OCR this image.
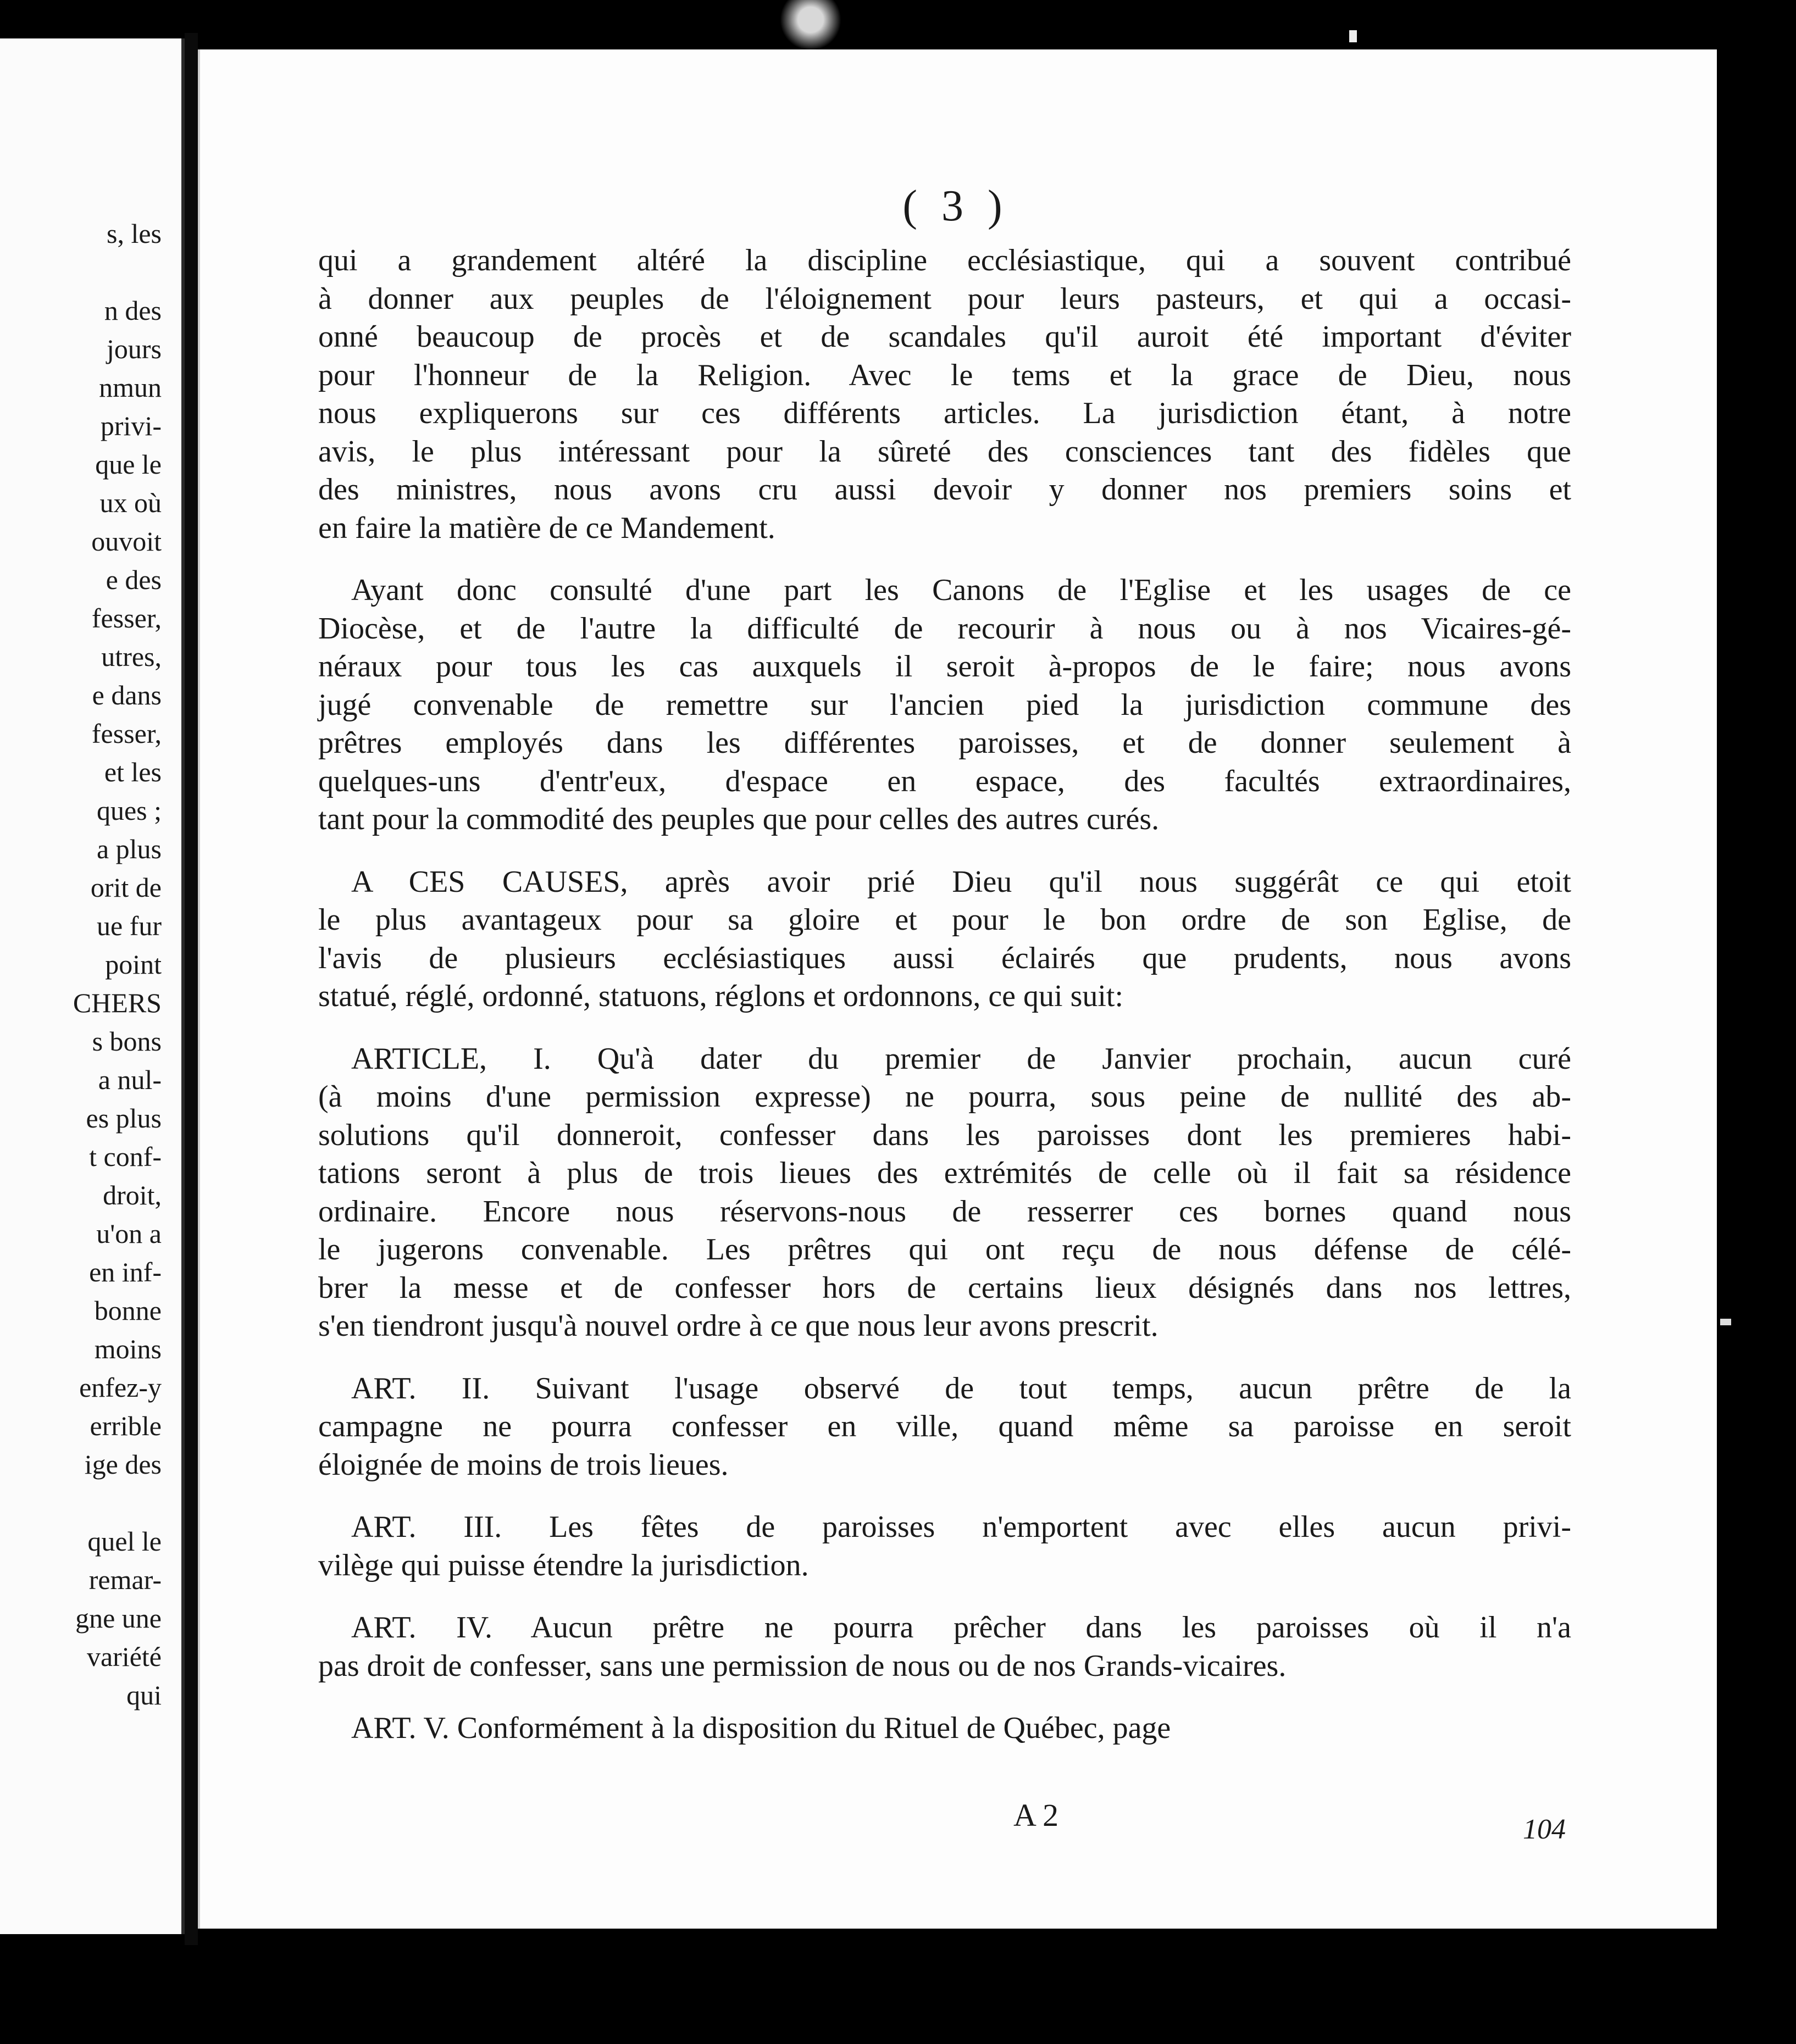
s, les
n des
jours
nmun
privi-
que le
ux où
ouvoit
e des
fesser,
utres,
e dans
fesser,
et les
ques ;
a plus
orit de
ue fur
point
CHERS
s bons
a nul-
es plus
t conf-
droit,
u'on a
en inf-
bonne
moins
enfez-y
errible
ige des
quel le
remar-
gne une
variété
qui
( 3 )
qui a grandement altéré la discipline ecclésiastique, qui a souvent contribué
à donner aux peuples de l'éloignement pour leurs pasteurs, et qui a occasi-
onné beaucoup de procès et de scandales qu'il auroit été important d'éviter
pour l'honneur de la Religion. Avec le tems et la grace de Dieu, nous
nous expliquerons sur ces différents articles. La jurisdiction étant, à notre
avis, le plus intéressant pour la sûreté des consciences tant des fidèles que
des ministres, nous avons cru aussi devoir y donner nos premiers soins et
en faire la matière de ce Mandement.
Ayant donc consulté d'une part les Canons de l'Eglise et les usages de ce
Diocèse, et de l'autre la difficulté de recourir à nous ou à nos Vicaires-gé-
néraux pour tous les cas auxquels il seroit à-propos de le faire; nous avons
jugé convenable de remettre sur l'ancien pied la jurisdiction commune des
prêtres employés dans les différentes paroisses, et de donner seulement à
quelques-uns d'entr'eux, d'espace en espace, des facultés extraordinaires,
tant pour la commodité des peuples que pour celles des autres curés.
A CES CAUSES, après avoir prié Dieu qu'il nous suggérât ce qui etoit
le plus avantageux pour sa gloire et pour le bon ordre de son Eglise, de
l'avis de plusieurs ecclésiastiques aussi éclairés que prudents, nous avons
statué, réglé, ordonné, statuons, réglons et ordonnons, ce qui suit:
ARTICLE, I. Qu'à dater du premier de Janvier prochain, aucun curé
(à moins d'une permission expresse) ne pourra, sous peine de nullité des ab-
solutions qu'il donneroit, confesser dans les paroisses dont les premieres habi-
tations seront à plus de trois lieues des extrémités de celle où il fait sa résidence
ordinaire. Encore nous réservons-nous de resserrer ces bornes quand nous
le jugerons convenable. Les prêtres qui ont reçu de nous défense de célé-
brer la messe et de confesser hors de certains lieux désignés dans nos lettres,
s'en tiendront jusqu'à nouvel ordre à ce que nous leur avons prescrit.
ART. II. Suivant l'usage observé de tout temps, aucun prêtre de la
campagne ne pourra confesser en ville, quand même sa paroisse en seroit
éloignée de moins de trois lieues.
ART. III. Les fêtes de paroisses n'emportent avec elles aucun privi-
vilège qui puisse étendre la jurisdiction.
ART. IV. Aucun prêtre ne pourra prêcher dans les paroisses où il n'a
pas droit de confesser, sans une permission de nous ou de nos Grands-vicaires.
ART. V. Conformément à la disposition du Rituel de Québec, page
A 2	104
